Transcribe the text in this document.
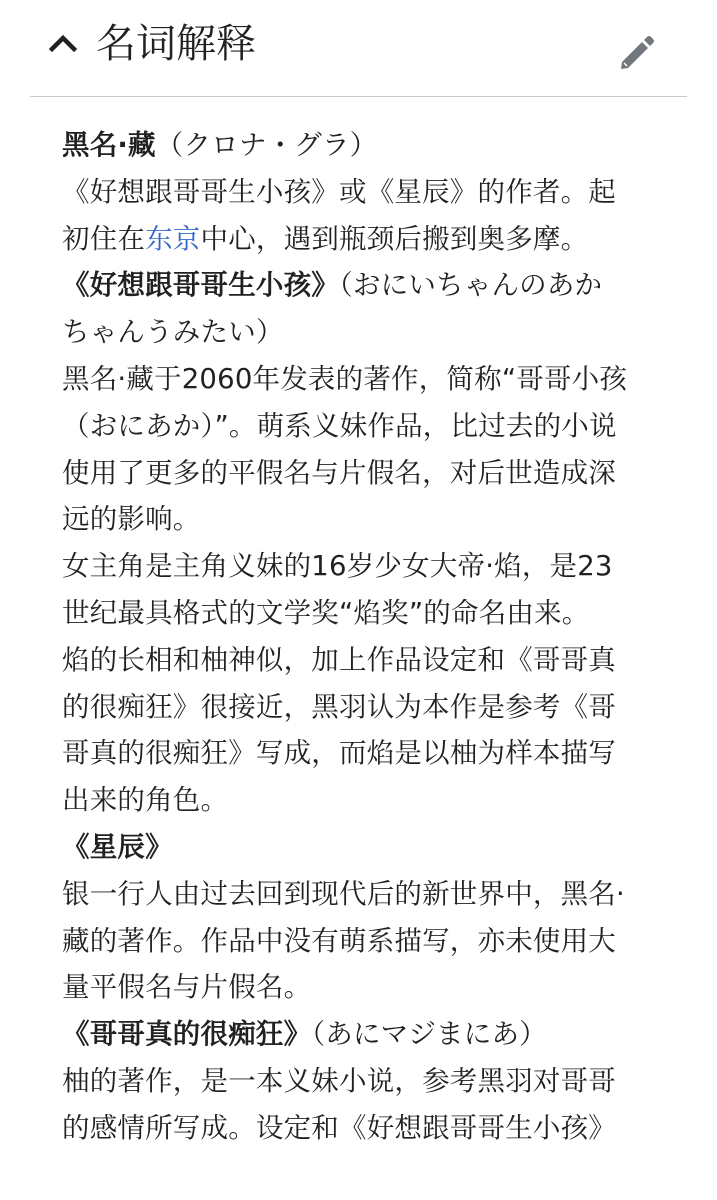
名词解释

黑名·藏（クロナ・グラ）

《好想跟哥哥生小孩》或《星辰》的作者。起

初住在东京中心，遇到瓶颈后搬到奥多摩。

《好想跟哥哥生小孩》（おにいちゃんのあか

ちゃんうみたい）

黑名·藏于2060年发表的著作，简称“哥哥小孩

（おにあか）”。萌系义妹作品，比过去的小说

使用了更多的平假名与片假名，对后世造成深

远的影响。

女主角是主角义妹的16岁少女大帝·焰，是23

世纪最具格式的文学奖“焰奖”的命名由来。

焰的长相和柚神似，加上作品设定和《哥哥真

的很痴狂》很接近，黑羽认为本作是参考《哥

哥真的很痴狂》写成，而焰是以柚为样本描写

出来的角色。

《星辰》

银一行人由过去回到现代后的新世界中，黑名·

藏的著作。作品中没有萌系描写，亦未使用大

量平假名与片假名。

《哥哥真的很痴狂》（あにマジまにあ）

柚的著作，是一本义妹小说，参考黑羽对哥哥

的感情所写成。设定和《好想跟哥哥生小孩》
